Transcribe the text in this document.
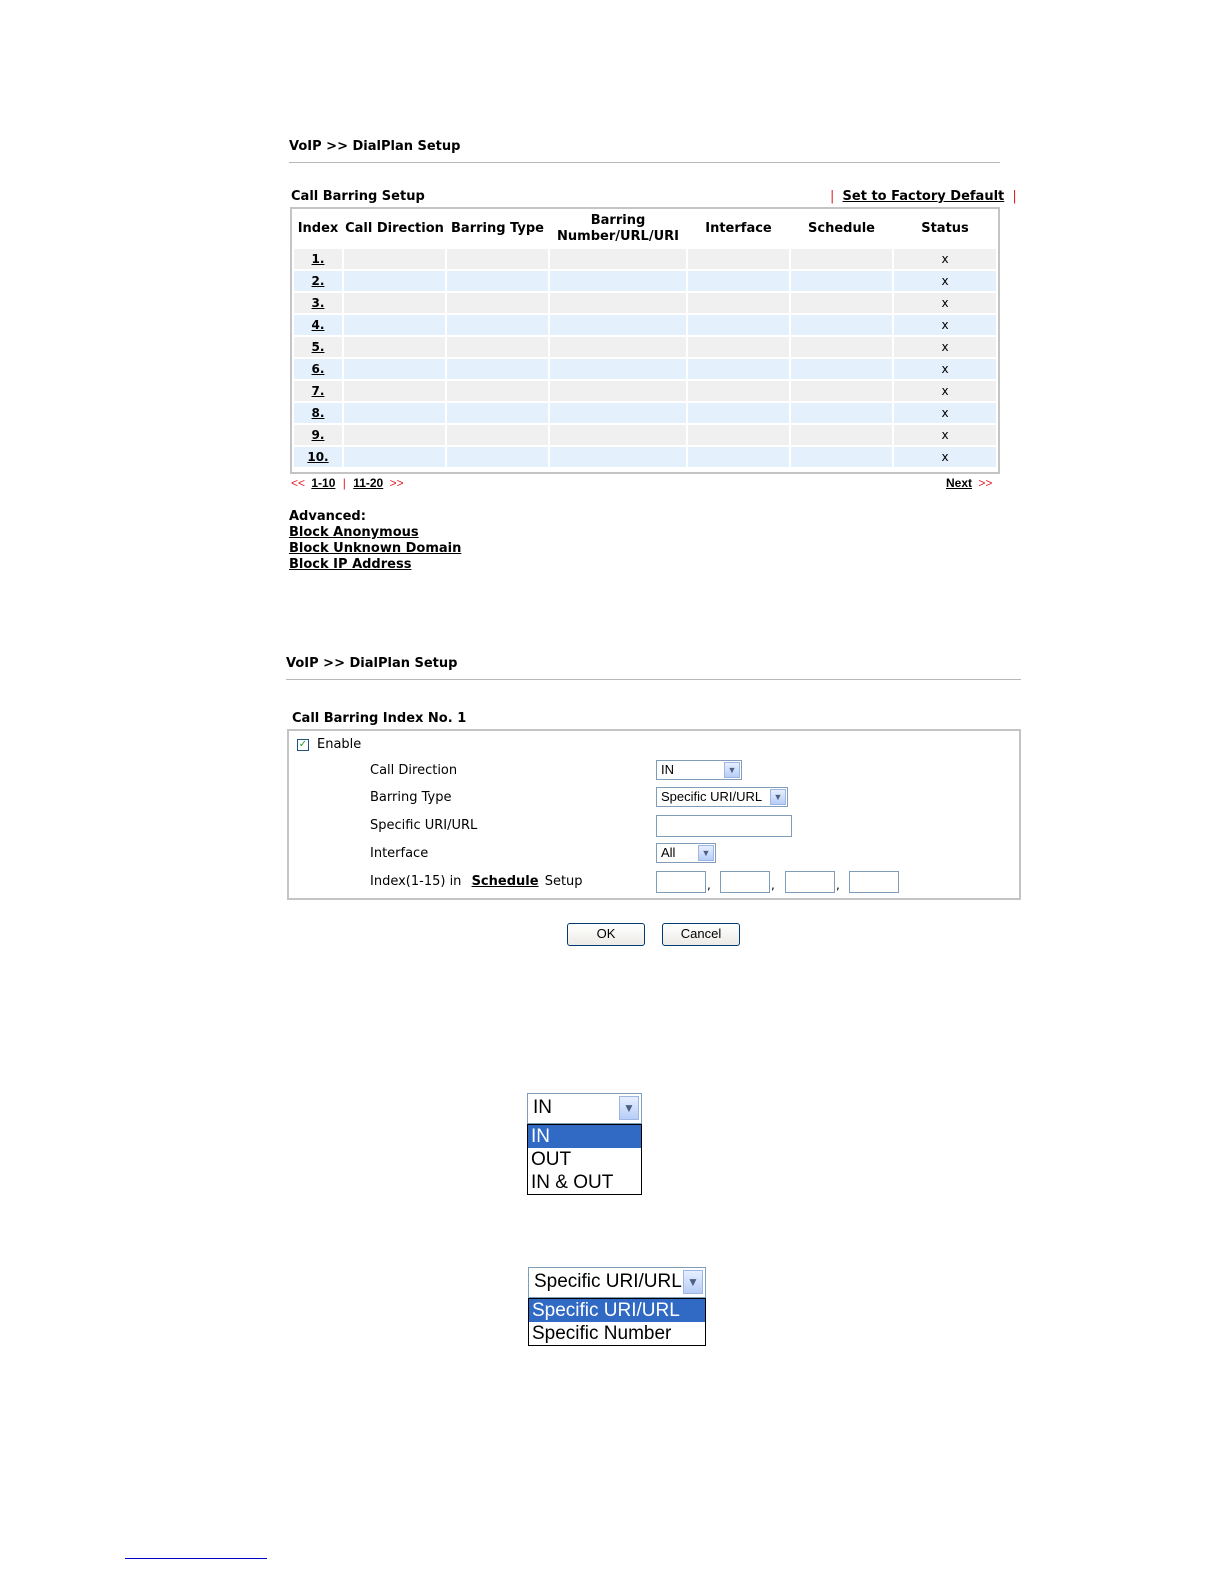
VoIP >> DialPlan Setup
Call Barring Setup	| Set to Factory Default |
Index	Call Direction	Barring Type	Barring Number/URL/URI	Interface	Schedule	Status
1.						x
2.						x
3.						x
4.						x
5.						x
6.						x
7.						x
8.						x
9.						x
10.						x
<< 1-10 | 11-20 >>	Next >>
Advanced:
Block Anonymous
Block Unknown Domain
Block IP Address
VoIP >> DialPlan Setup
Call Barring Index No. 1
✓ Enable
Call Direction	IN	▼
Barring Type	Specific URI/URL	▼
Specific URI/URL
Interface	All	▼
Index(1-15) in Schedule Setup	,	,	,
OK	Cancel
IN	▼
IN
OUT
IN & OUT
Specific URI/URL ▼
Specific URI/URL
Specific Number
